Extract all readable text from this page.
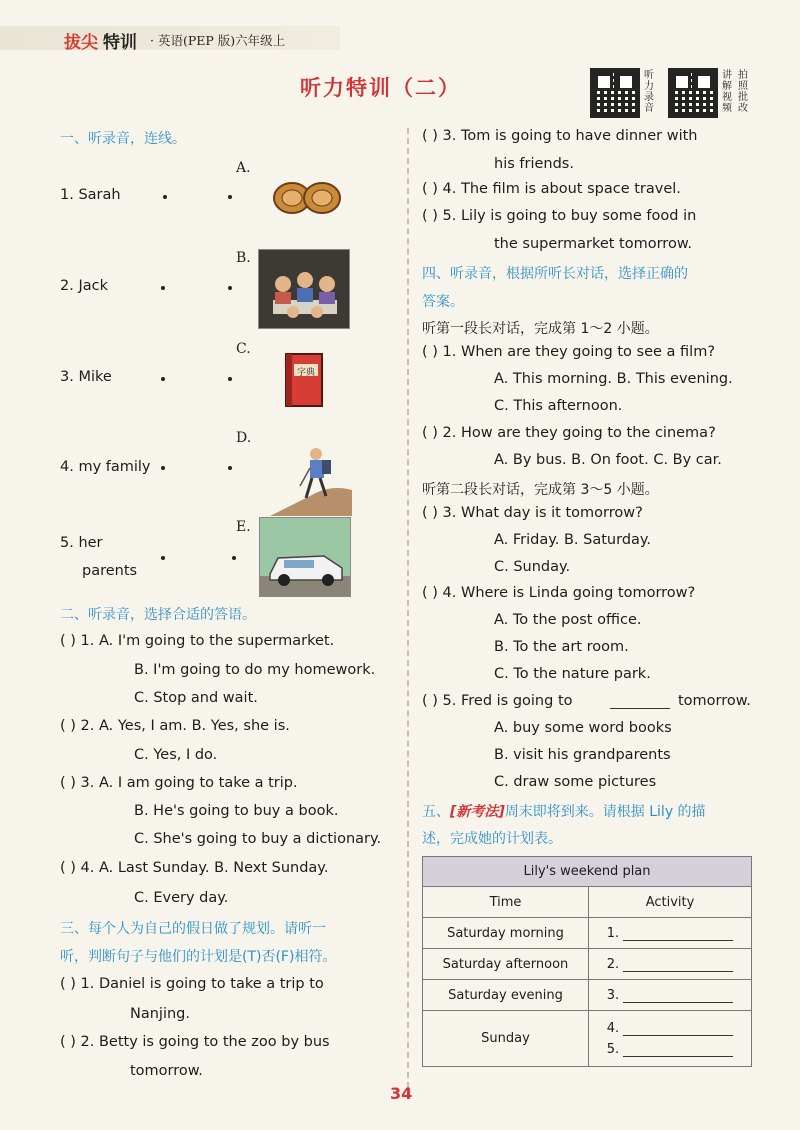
拔尖 特训 · 英语(PEP 版)六年级上
听力特训（二）	听力录音
讲解视频
拍照批改
一、听录音，连线。
1. Sarah
2. Jack
3. Mike
4. my family
5. her
parents
A.
B.
C.
D.
E.
字典
二、听录音，选择合适的答语。
( ) 1. A. I'm going to the supermarket.
B. I'm going to do my homework.
C. Stop and wait.
( ) 2. A. Yes, I am. B. Yes, she is.
C. Yes, I do.
( ) 3. A. I am going to take a trip.
B. He's going to buy a book.
C. She's going to buy a dictionary.
( ) 4. A. Last Sunday. B. Next Sunday.
C. Every day.
三、每个人为自己的假日做了规划。请听一
听，判断句子与他们的计划是(T)否(F)相符。
( ) 1. Daniel is going to take a trip to
Nanjing.
( ) 2. Betty is going to the zoo by bus
tomorrow.
( ) 3. Tom is going to have dinner with
his friends.
( ) 4. The film is about space travel.
( ) 5. Lily is going to buy some food in
the supermarket tomorrow.
四、听录音，根据所听长对话，选择正确的
答案。
听第一段长对话，完成第 1～2 小题。
( ) 1. When are they going to see a film?
A. This morning. B. This evening.
C. This afternoon.
( ) 2. How are they going to the cinema?
A. By bus. B. On foot. C. By car.
听第二段长对话，完成第 3～5 小题。
( ) 3. What day is it tomorrow?
A. Friday. B. Saturday.
C. Sunday.
( ) 4. Where is Linda going tomorrow?
A. To the post office.
B. To the art room.
C. To the nature park.
( ) 5. Fred is going to	tomorrow.
A. buy some word books
B. visit his grandparents
C. draw some pictures
五、[新考法]周末即将到来。请根据 Lily 的描
述，完成她的计划表。
Lily's weekend plan	
Time	Activity
Saturday morning	1.
Saturday afternoon	2.
Saturday evening	3.
Sunday	4.
5.
34
